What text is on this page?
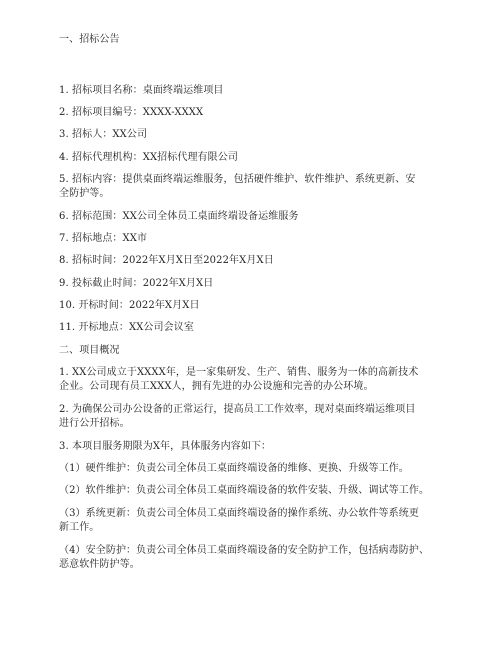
一、招标公告

1. 招标项目名称：桌面终端运维项目

2. 招标项目编号：XXXX-XXXX

3. 招标人：XX公司

4. 招标代理机构：XX招标代理有限公司

5. 招标内容：提供桌面终端运维服务，包括硬件维护、软件维护、系统更新、安

全防护等。

6. 招标范围：XX公司全体员工桌面终端设备运维服务

7. 招标地点：XX市

8. 招标时间：2022年X月X日至2022年X月X日

9. 投标截止时间：2022年X月X日

10. 开标时间：2022年X月X日

11. 开标地点：XX公司会议室

二、项目概况

1. XX公司成立于XXXX年，是一家集研发、生产、销售、服务为一体的高新技术

企业。公司现有员工XXX人，拥有先进的办公设施和完善的办公环境。

2. 为确保公司办公设备的正常运行，提高员工工作效率，现对桌面终端运维项目

进行公开招标。

3. 本项目服务期限为X年，具体服务内容如下：

（1）硬件维护：负责公司全体员工桌面终端设备的维修、更换、升级等工作。

（2）软件维护：负责公司全体员工桌面终端设备的软件安装、升级、调试等工作。

（3）系统更新：负责公司全体员工桌面终端设备的操作系统、办公软件等系统更

新工作。

（4）安全防护：负责公司全体员工桌面终端设备的安全防护工作，包括病毒防护、

恶意软件防护等。
